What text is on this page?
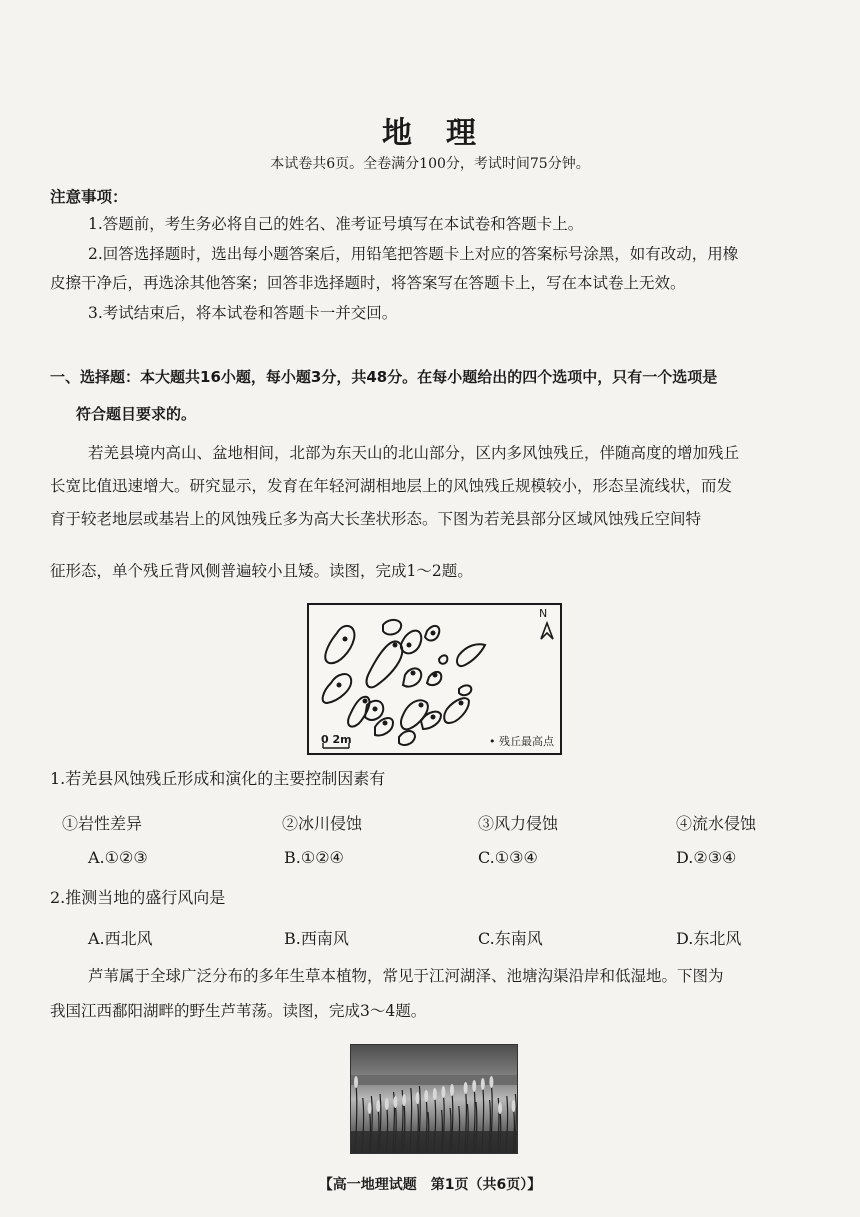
地　理
本试卷共6页。全卷满分100分，考试时间75分钟。
注意事项：
1.答题前，考生务必将自己的姓名、准考证号填写在本试卷和答题卡上。
2.回答选择题时，选出每小题答案后，用铅笔把答题卡上对应的答案标号涂黑，如有改动，用橡
皮擦干净后，再选涂其他答案；回答非选择题时，将答案写在答题卡上，写在本试卷上无效。
3.考试结束后，将本试卷和答题卡一并交回。
一、选择题：本大题共16小题，每小题3分，共48分。在每小题给出的四个选项中，只有一个选项是
符合题目要求的。
若羌县境内高山、盆地相间，北部为东天山的北山部分，区内多风蚀残丘，伴随高度的增加残丘
长宽比值迅速增大。研究显示，发育在年轻河湖相地层上的风蚀残丘规模较小，形态呈流线状，而发
育于较老地层或基岩上的风蚀残丘多为高大长垄状形态。下图为若羌县部分区域风蚀残丘空间特
征形态，单个残丘背风侧普遍较小且矮。读图，完成1～2题。
N
0 2m	• 残丘最高点
1.若羌县风蚀残丘形成和演化的主要控制因素有
①岩性差异	②冰川侵蚀	③风力侵蚀	④流水侵蚀
A.①②③	B.①②④	C.①③④	D.②③④
2.推测当地的盛行风向是
A.西北风	B.西南风	C.东南风	D.东北风
芦苇属于全球广泛分布的多年生草本植物，常见于江河湖泽、池塘沟渠沿岸和低湿地。下图为
我国江西鄱阳湖畔的野生芦苇荡。读图，完成3～4题。
【高一地理试题　第1页（共6页）】
